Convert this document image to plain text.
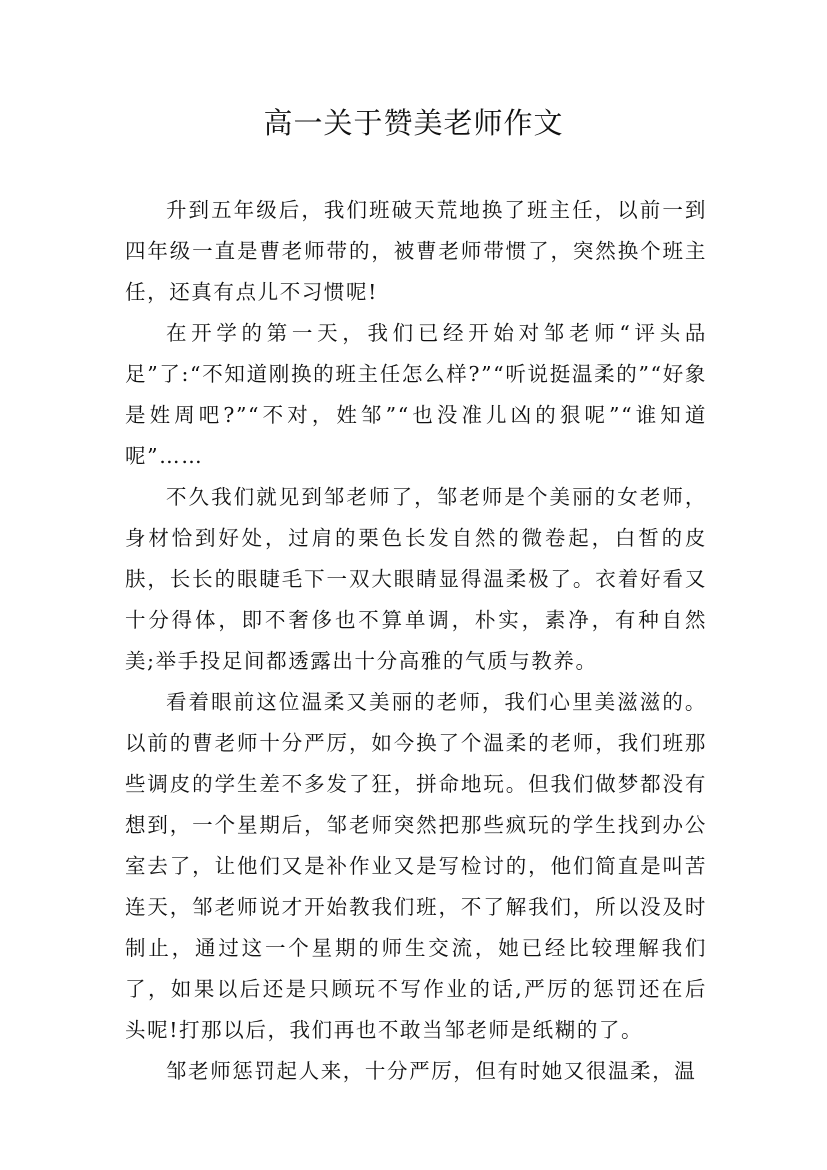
高一关于赞美老师作文

升到五年级后，我们班破天荒地换了班主任，以前一到四年级一直是曹老师带的，被曹老师带惯了，突然换个班主任，还真有点儿不习惯呢!

在开学的第一天，我们已经开始对邹老师“评头品足”了:“不知道刚换的班主任怎么样?”“听说挺温柔的”“好象是姓周吧?”“不对，姓邹”“也没准儿凶的狠呢”“谁知道呢”……

不久我们就见到邹老师了，邹老师是个美丽的女老师，身材恰到好处，过肩的栗色长发自然的微卷起，白皙的皮肤，长长的眼睫毛下一双大眼睛显得温柔极了。衣着好看又十分得体，即不奢侈也不算单调，朴实，素净，有种自然美;举手投足间都透露出十分高雅的气质与教养。

看着眼前这位温柔又美丽的老师，我们心里美滋滋的。以前的曹老师十分严厉，如今换了个温柔的老师，我们班那些调皮的学生差不多发了狂，拼命地玩。但我们做梦都没有想到，一个星期后，邹老师突然把那些疯玩的学生找到办公室去了，让他们又是补作业又是写检讨的，他们简直是叫苦连天，邹老师说才开始教我们班，不了解我们，所以没及时制止，通过这一个星期的师生交流，她已经比较理解我们了，如果以后还是只顾玩不写作业的话,严厉的惩罚还在后头呢!打那以后，我们再也不敢当邹老师是纸糊的了。

邹老师惩罚起人来，十分严厉，但有时她又很温柔，温
